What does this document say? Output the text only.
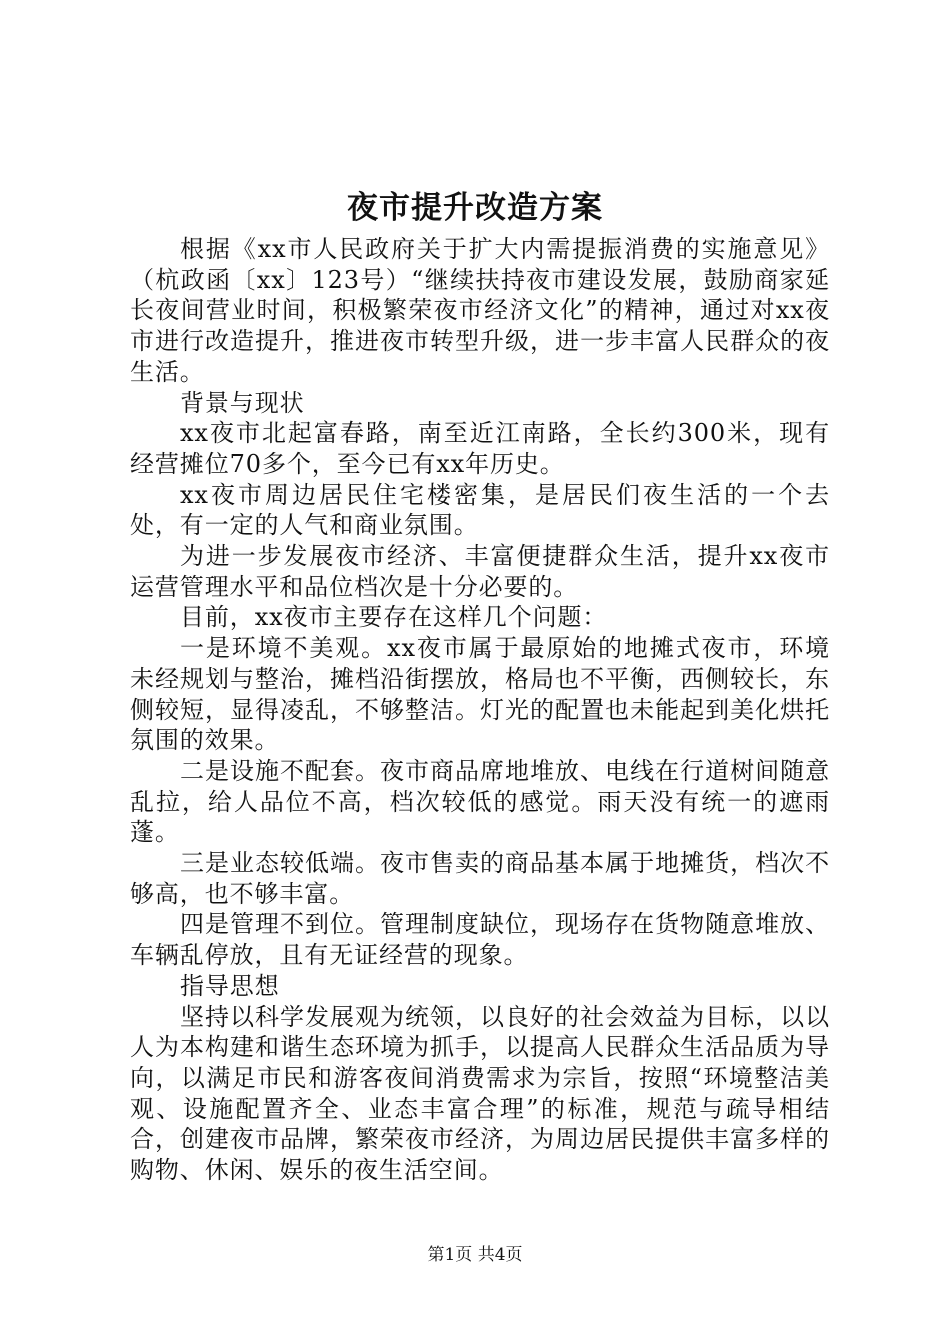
夜市提升改造方案

根据《xx市人民政府关于扩大内需提振消费的实施意见》（杭政函〔xx〕123号）“继续扶持夜市建设发展，鼓励商家延长夜间营业时间，积极繁荣夜市经济文化”的精神，通过对xx夜市进行改造提升，推进夜市转型升级，进一步丰富人民群众的夜生活。

背景与现状

xx夜市北起富春路，南至近江南路，全长约300米，现有经营摊位70多个，至今已有xx年历史。

xx夜市周边居民住宅楼密集，是居民们夜生活的一个去处，有一定的人气和商业氛围。

为进一步发展夜市经济、丰富便捷群众生活，提升xx夜市运营管理水平和品位档次是十分必要的。

目前，xx夜市主要存在这样几个问题：

一是环境不美观。xx夜市属于最原始的地摊式夜市，环境未经规划与整治，摊档沿街摆放，格局也不平衡，西侧较长，东侧较短，显得凌乱，不够整洁。灯光的配置也未能起到美化烘托氛围的效果。

二是设施不配套。夜市商品席地堆放、电线在行道树间随意乱拉，给人品位不高，档次较低的感觉。雨天没有统一的遮雨蓬。

三是业态较低端。夜市售卖的商品基本属于地摊货，档次不够高，也不够丰富。

四是管理不到位。管理制度缺位，现场存在货物随意堆放、车辆乱停放，且有无证经营的现象。

指导思想

坚持以科学发展观为统领，以良好的社会效益为目标，以以人为本构建和谐生态环境为抓手，以提高人民群众生活品质为导向，以满足市民和游客夜间消费需求为宗旨，按照“环境整洁美观、设施配置齐全、业态丰富合理”的标准，规范与疏导相结合，创建夜市品牌，繁荣夜市经济，为周边居民提供丰富多样的购物、休闲、娱乐的夜生活空间。

第1页 共4页
